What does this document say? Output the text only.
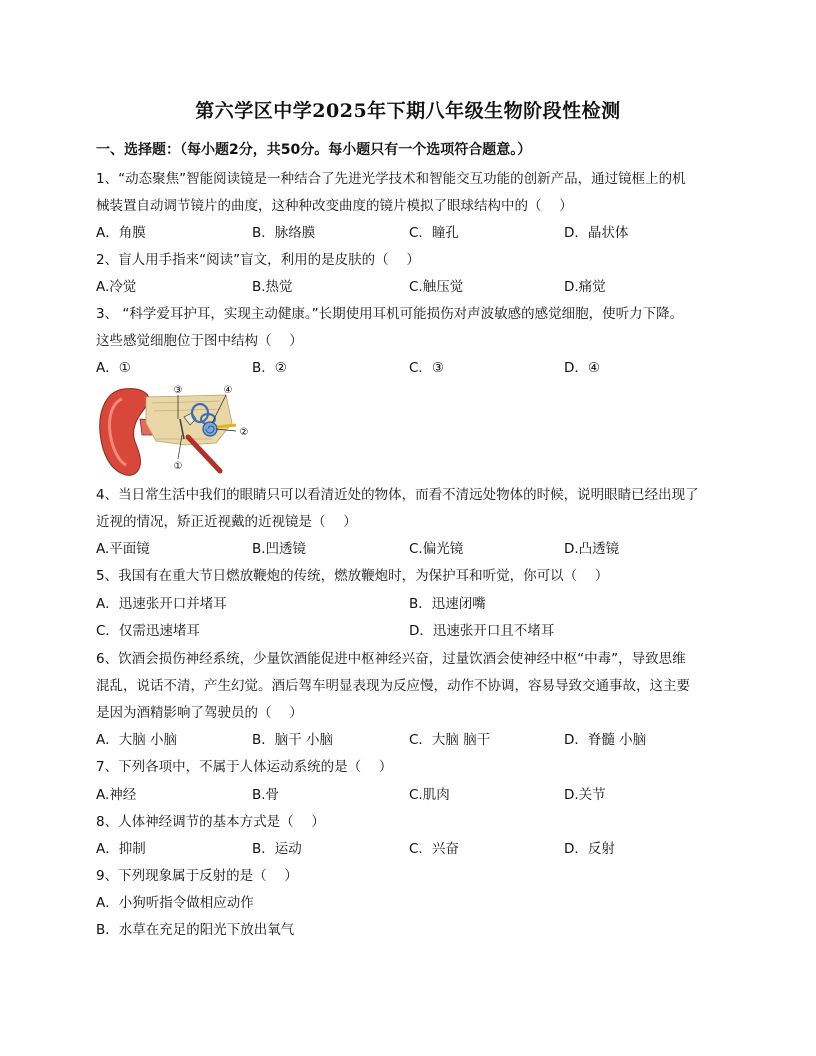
第六学区中学2025年下期八年级生物阶段性检测
一、选择题：（每小题2分，共50分。每小题只有一个选项符合题意。）
1、“动态聚焦”智能阅读镜是一种结合了先进光学技术和智能交互功能的创新产品，通过镜框上的机
械装置自动调节镜片的曲度，这种种改变曲度的镜片模拟了眼球结构中的（　 ）
A．角膜	B．脉络膜	C．瞳孔	D．晶状体
2、盲人用手指来“阅读”盲文，利用的是皮肤的（　 ）
A.冷觉	B.热觉	C.触压觉	D.痛觉
3、 “科学爱耳护耳，实现主动健康。”长期使用耳机可能损伤对声波敏感的感觉细胞，使听力下降。
这些感觉细胞位于图中结构（　 ）
A．①	B．②	C．③	D．④
③	④
②
①
4、当日常生活中我们的眼睛只可以看清近处的物体，而看不清远处物体的时候，说明眼睛已经出现了
近视的情况，矫正近视戴的近视镜是（　 ）
A.平面镜	B.凹透镜	C.偏光镜	D.凸透镜
5、我国有在重大节日燃放鞭炮的传统，燃放鞭炮时，为保护耳和听觉，你可以（　 ）
A．迅速张开口并堵耳	B．迅速闭嘴
C．仅需迅速堵耳	D．迅速张开口且不堵耳
6、饮酒会损伤神经系统，少量饮酒能促进中枢神经兴奋，过量饮酒会使神经中枢“中毒”，导致思维
混乱，说话不清，产生幻觉。酒后驾车明显表现为反应慢，动作不协调，容易导致交通事故，这主要
是因为酒精影响了驾驶员的（　 ）
A．大脑 小脑	B．脑干 小脑	C．大脑 脑干	D．脊髓 小脑
7、下列各项中，不属于人体运动系统的是（　 ）
A.神经	B.骨	C.肌肉	D.关节
8、人体神经调节的基本方式是（　 ）
A．抑制	B．运动	C．兴奋	D．反射
9、下列现象属于反射的是（　 ）
A．小狗听指令做相应动作
B．水草在充足的阳光下放出氧气
